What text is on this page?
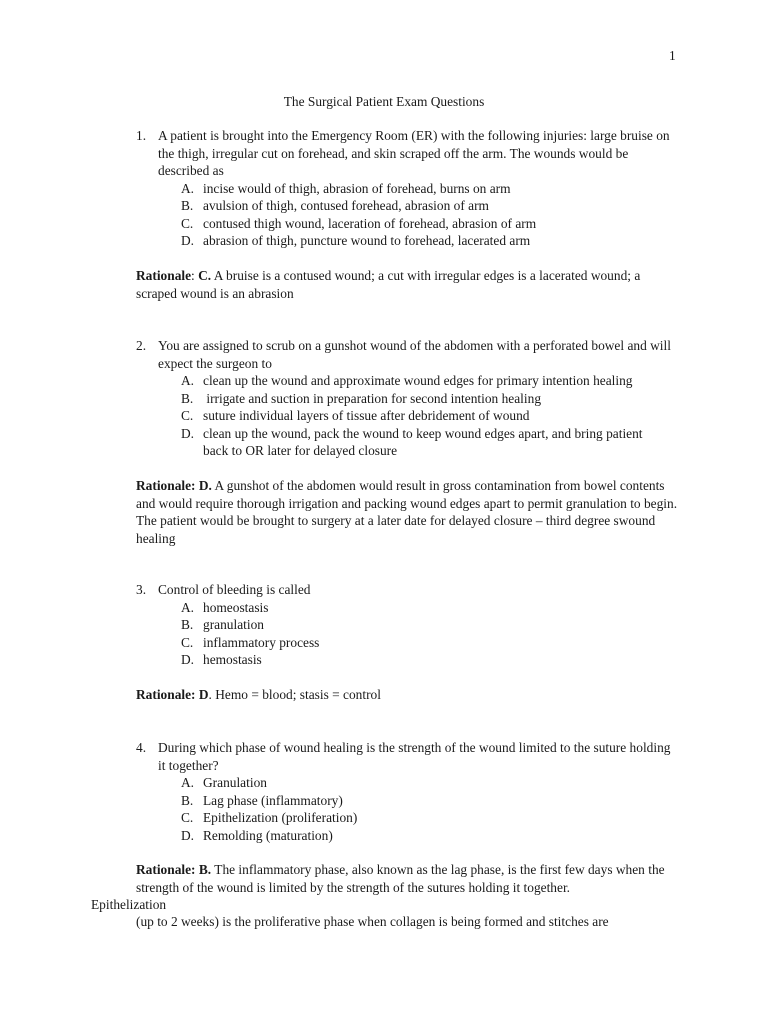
1
The Surgical Patient Exam Questions
1. A patient is brought into the Emergency Room (ER) with the following injuries: large bruise on the thigh, irregular cut on forehead, and skin scraped off the arm. The wounds would be described as
A. incise would of thigh, abrasion of forehead, burns on arm
B. avulsion of thigh, contused forehead, abrasion of arm
C. contused thigh wound, laceration of forehead, abrasion of arm
D. abrasion of thigh, puncture wound to forehead, lacerated arm
Rationale: C. A bruise is a contused wound; a cut with irregular edges is a lacerated wound; a scraped wound is an abrasion
2. You are assigned to scrub on a gunshot wound of the abdomen with a perforated bowel and will expect the surgeon to
A. clean up the wound and approximate wound edges for primary intention healing
B. irrigate and suction in preparation for second intention healing
C. suture individual layers of tissue after debridement of wound
D. clean up the wound, pack the wound to keep wound edges apart, and bring patient back to OR later for delayed closure
Rationale: D. A gunshot of the abdomen would result in gross contamination from bowel contents and would require thorough irrigation and packing wound edges apart to permit granulation to begin. The patient would be brought to surgery at a later date for delayed closure – third degree swound healing
3. Control of bleeding is called
A. homeostasis
B. granulation
C. inflammatory process
D. hemostasis
Rationale: D. Hemo = blood; stasis = control
4. During which phase of wound healing is the strength of the wound limited to the suture holding it together?
A. Granulation
B. Lag phase (inflammatory)
C. Epithelization (proliferation)
D. Remolding (maturation)
Rationale: B. The inflammatory phase, also known as the lag phase, is the first few days when the strength of the wound is limited by the strength of the sutures holding it together.
Epithelization
(up to 2 weeks) is the proliferative phase when collagen is being formed and stitches are
